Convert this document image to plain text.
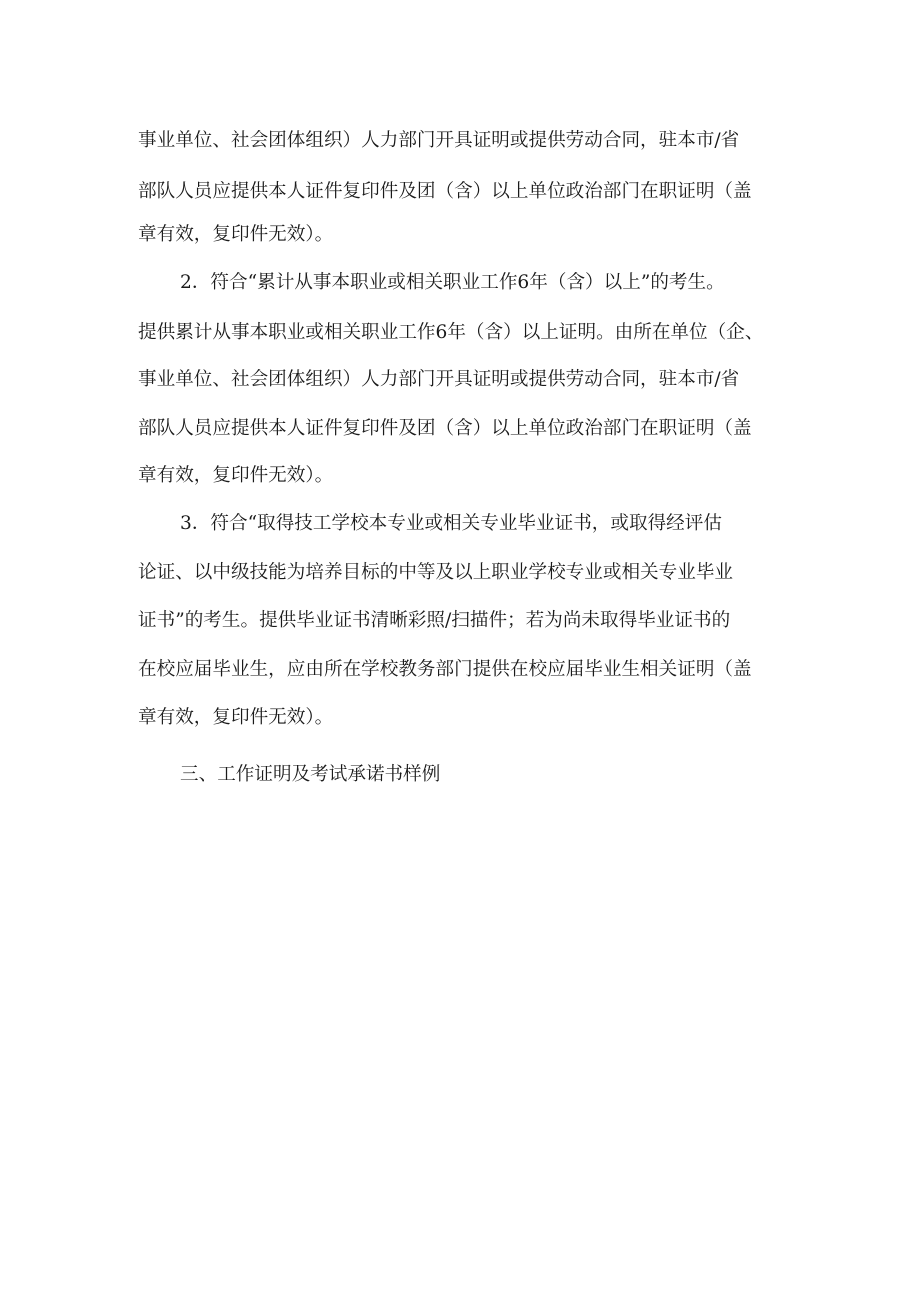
事业单位、社会团体组织）人力部门开具证明或提供劳动合同，驻本市/省

部队人员应提供本人证件复印件及团（含）以上单位政治部门在职证明（盖

章有效，复印件无效）。

2．符合“累计从事本职业或相关职业工作6年（含）以上”的考生。

提供累计从事本职业或相关职业工作6年（含）以上证明。由所在单位（企、

事业单位、社会团体组织）人力部门开具证明或提供劳动合同，驻本市/省

部队人员应提供本人证件复印件及团（含）以上单位政治部门在职证明（盖

章有效，复印件无效）。

3．符合“取得技工学校本专业或相关专业毕业证书，或取得经评估

论证、以中级技能为培养目标的中等及以上职业学校专业或相关专业毕业

证书”的考生。提供毕业证书清晰彩照/扫描件；若为尚未取得毕业证书的

在校应届毕业生，应由所在学校教务部门提供在校应届毕业生相关证明（盖

章有效，复印件无效）。

三、工作证明及考试承诺书样例
